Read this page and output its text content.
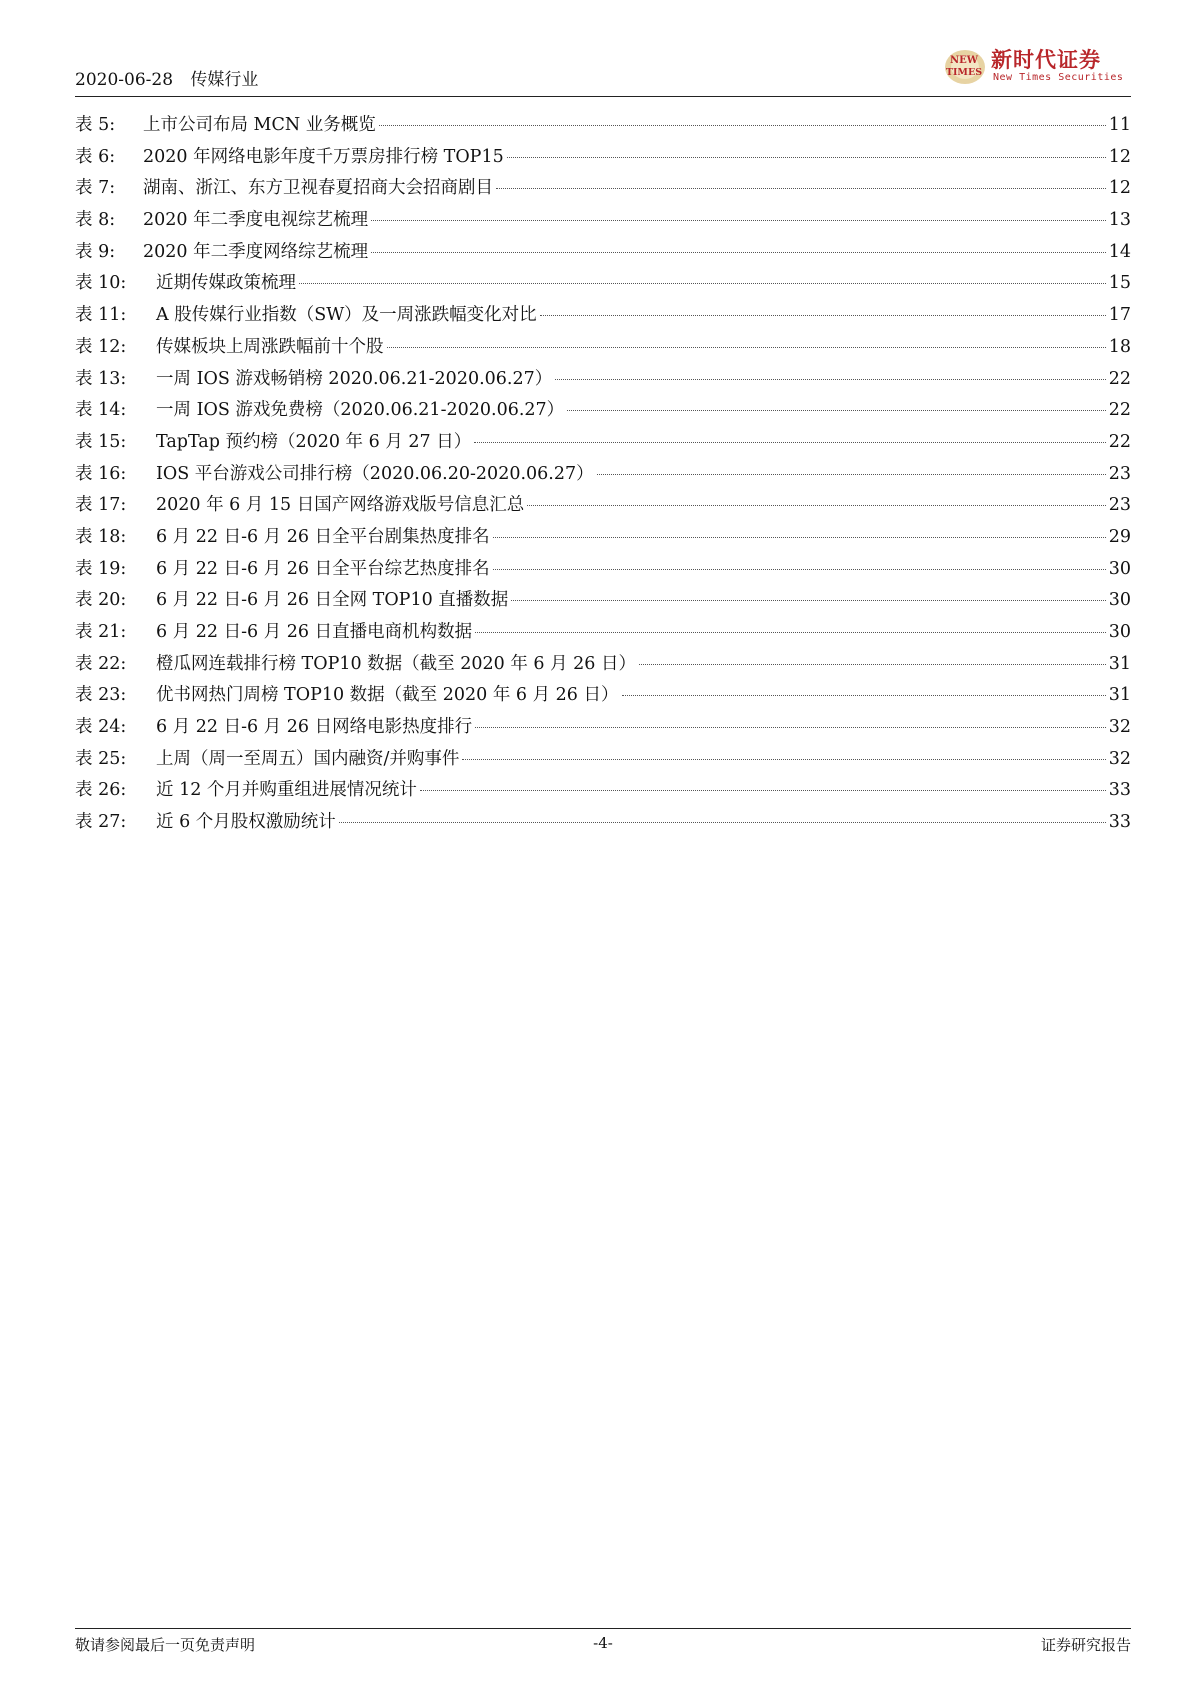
2020-06-28 传媒行业
NEW
TIMES
新时代证券
New Times Securities
表 5:	上市公司布局 MCN 业务概览	11
表 6:	2020 年网络电影年度千万票房排行榜 TOP15	12
表 7:	湖南、浙江、东方卫视春夏招商大会招商剧目	12
表 8:	2020 年二季度电视综艺梳理	13
表 9:	2020 年二季度网络综艺梳理	14
表 10:	近期传媒政策梳理	15
表 11:	A 股传媒行业指数（SW）及一周涨跌幅变化对比	17
表 12:	传媒板块上周涨跌幅前十个股	18
表 13:	一周 IOS 游戏畅销榜 2020.06.21-2020.06.27）	22
表 14:	一周 IOS 游戏免费榜（2020.06.21-2020.06.27）	22
表 15:	TapTap 预约榜（2020 年 6 月 27 日）	22
表 16:	IOS 平台游戏公司排行榜（2020.06.20-2020.06.27）	23
表 17:	2020 年 6 月 15 日国产网络游戏版号信息汇总	23
表 18:	6 月 22 日-6 月 26 日全平台剧集热度排名	29
表 19:	6 月 22 日-6 月 26 日全平台综艺热度排名	30
表 20:	6 月 22 日-6 月 26 日全网 TOP10 直播数据	30
表 21:	6 月 22 日-6 月 26 日直播电商机构数据	30
表 22:	橙瓜网连载排行榜 TOP10 数据（截至 2020 年 6 月 26 日）	31
表 23:	优书网热门周榜 TOP10 数据（截至 2020 年 6 月 26 日）	31
表 24:	6 月 22 日-6 月 26 日网络电影热度排行	32
表 25:	上周（周一至周五）国内融资/并购事件	32
表 26:	近 12 个月并购重组进展情况统计	33
表 27:	近 6 个月股权激励统计	33
敬请参阅最后一页免责声明	-4-	证券研究报告
